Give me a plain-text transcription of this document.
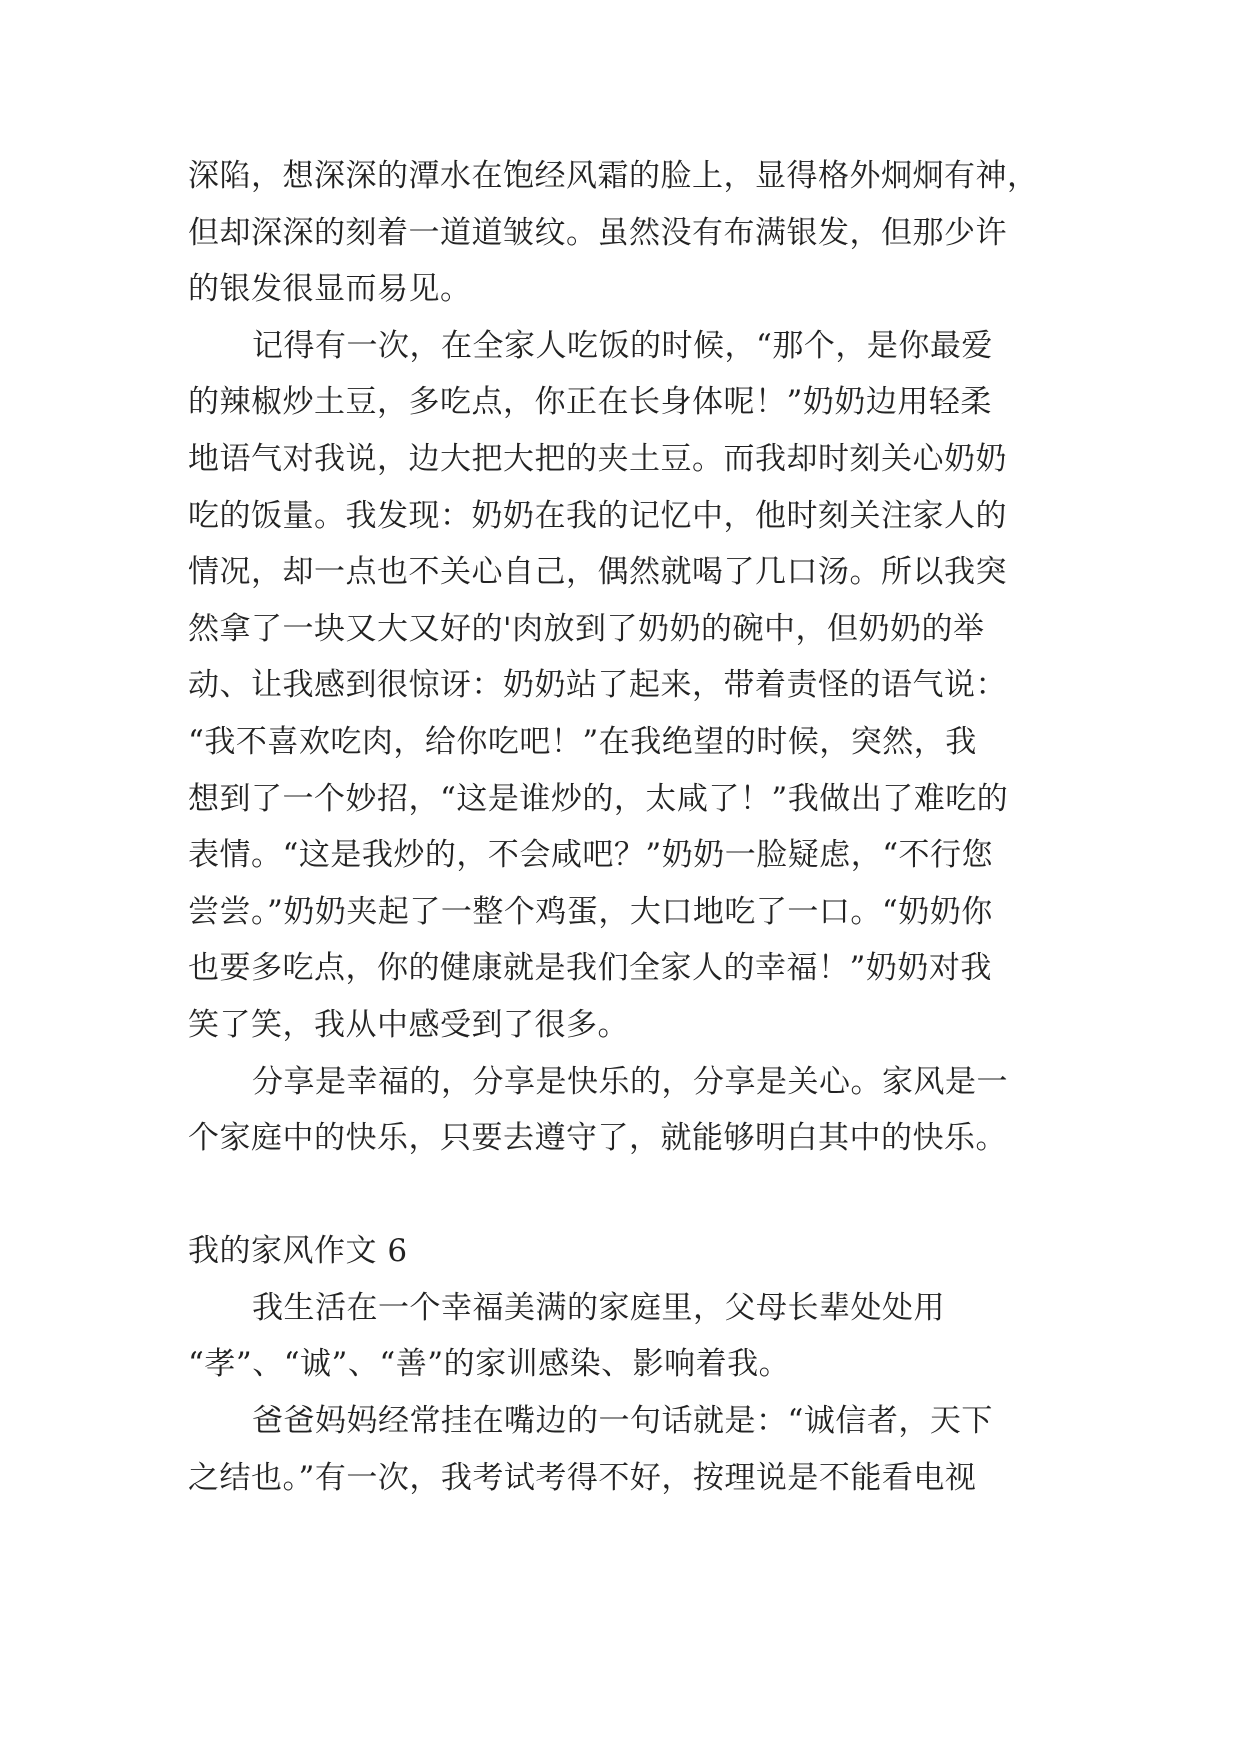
深陷，想深深的潭水在饱经风霜的脸上，显得格外炯炯有神，
但却深深的刻着一道道皱纹。虽然没有布满银发，但那少许
的银发很显而易见。
记得有一次，在全家人吃饭的时候，“那个，是你最爱
的辣椒炒土豆，多吃点，你正在长身体呢！”奶奶边用轻柔
地语气对我说，边大把大把的夹土豆。而我却时刻关心奶奶
吃的饭量。我发现：奶奶在我的记忆中，他时刻关注家人的
情况，却一点也不关心自己，偶然就喝了几口汤。所以我突
然拿了一块又大又好的'肉放到了奶奶的碗中，但奶奶的举
动、让我感到很惊讶：奶奶站了起来，带着责怪的语气说：
“我不喜欢吃肉，给你吃吧！”在我绝望的时候，突然，我
想到了一个妙招，“这是谁炒的，太咸了！”我做出了难吃的
表情。“这是我炒的，不会咸吧？”奶奶一脸疑虑，“不行您
尝尝。”奶奶夹起了一整个鸡蛋，大口地吃了一口。“奶奶你
也要多吃点，你的健康就是我们全家人的幸福！”奶奶对我
笑了笑，我从中感受到了很多。
分享是幸福的，分享是快乐的，分享是关心。家风是一
个家庭中的快乐，只要去遵守了，就能够明白其中的快乐。
我的家风作文 6
我生活在一个幸福美满的家庭里，父母长辈处处用
“孝”、“诚”、“善”的家训感染、影响着我。
爸爸妈妈经常挂在嘴边的一句话就是：“诚信者，天下
之结也。”有一次，我考试考得不好，按理说是不能看电视
